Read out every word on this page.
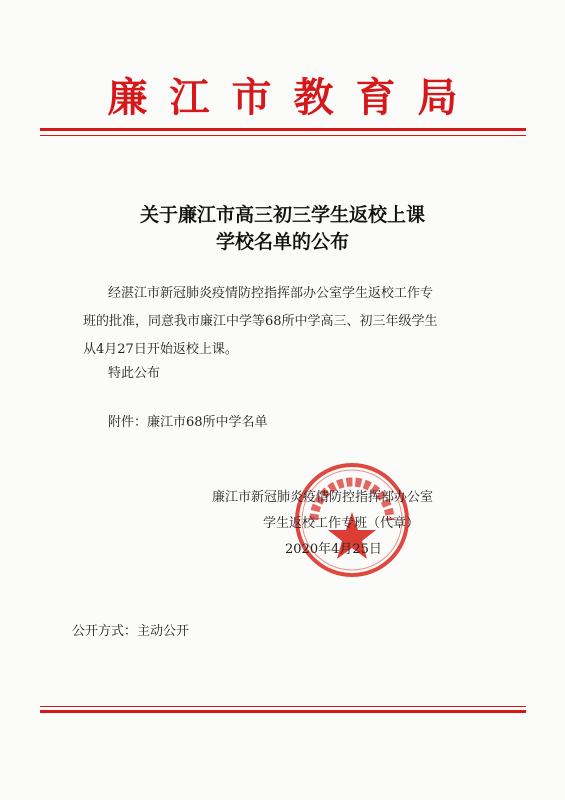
廉江市教育局
关于廉江市高三初三学生返校上课
学校名单的公布
经湛江市新冠肺炎疫情防控指挥部办公室学生返校工作专
班的批准，同意我市廉江中学等68所中学高三、初三年级学生
从4月27日开始返校上课。
特此公布
附件：廉江市68所中学名单
廉江市新冠肺炎疫情防控指挥部办公室
学生返校工作专班（代章）
2020年4月25日
公开方式：主动公开
